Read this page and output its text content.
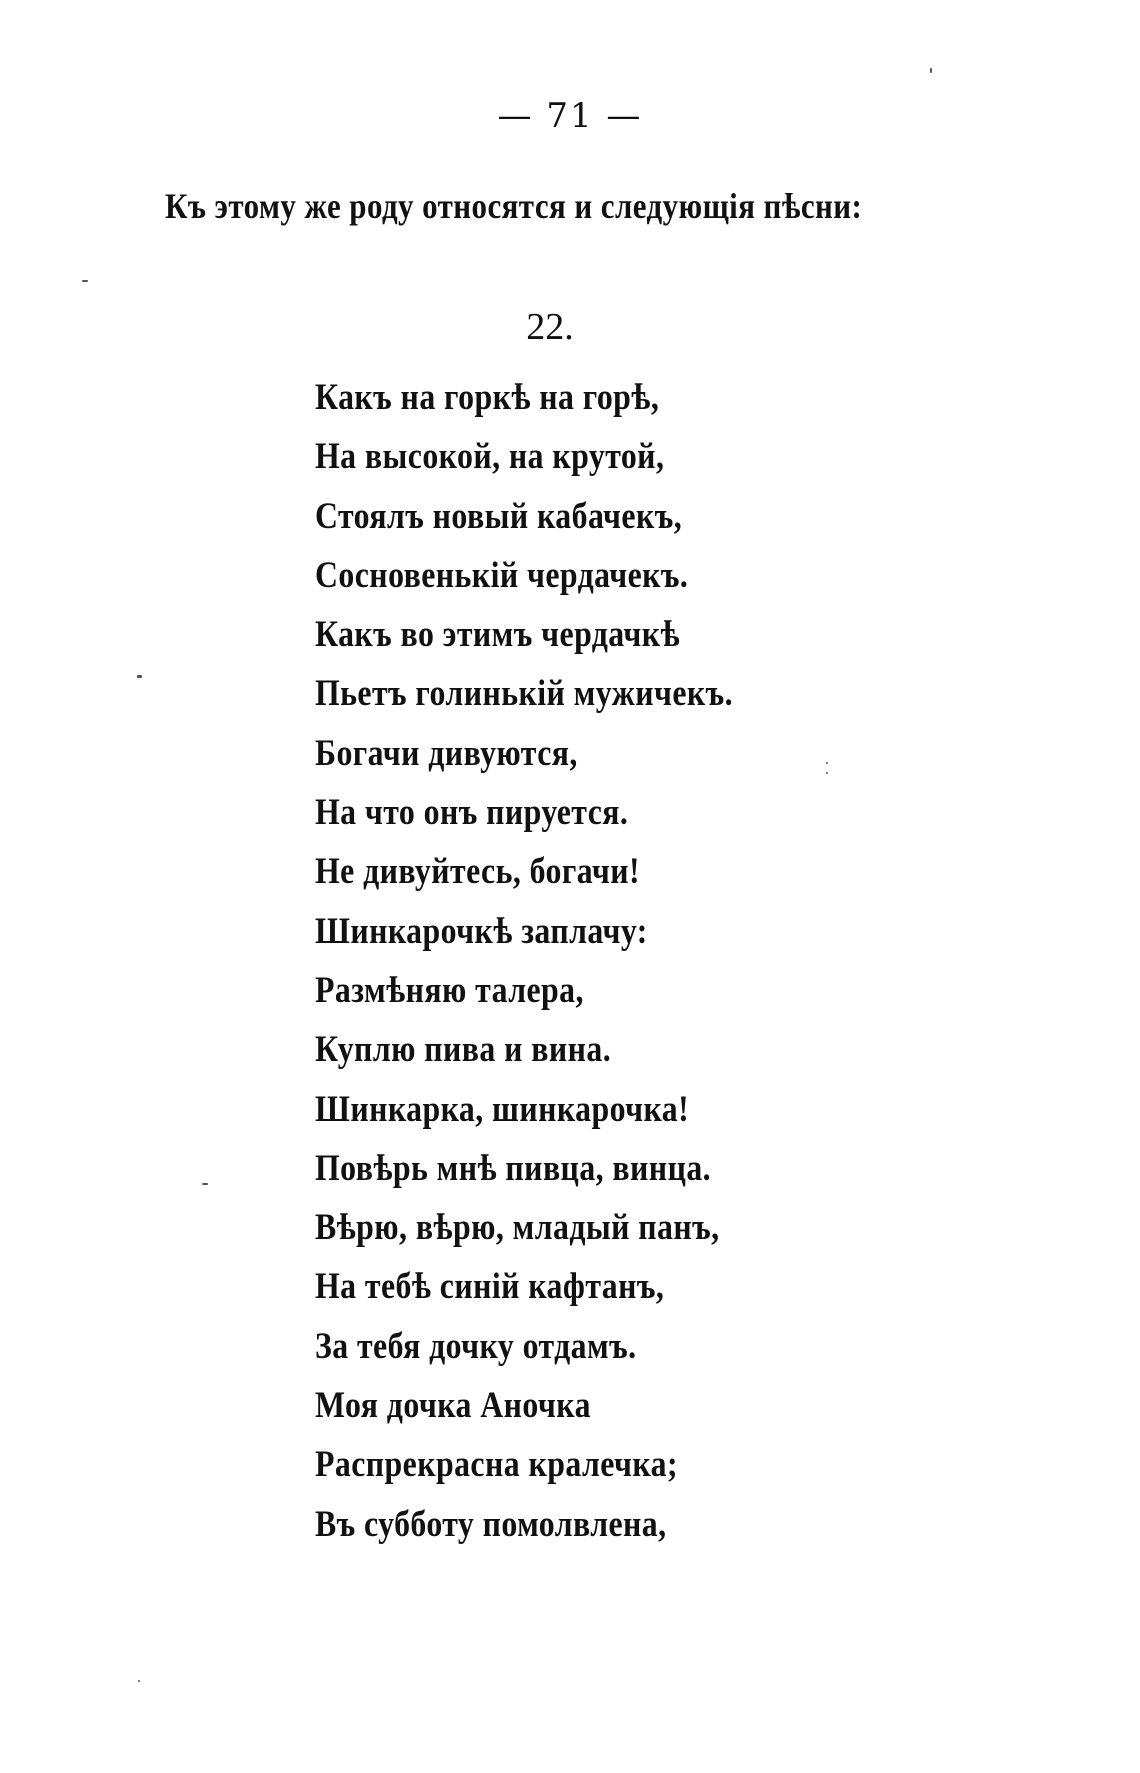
— 71 —
Къ этому же роду относятся и следующія пѣсни:
22.
Какъ на горкѣ на горѣ,
На высокой, на крутой,
Стоялъ новый кабачекъ,
Сосновенькій чердачекъ.
Какъ во этимъ чердачкѣ
Пьетъ голинькій мужичекъ.
Богачи дивуются,
На что онъ пируется.
Не дивуйтесь, богачи!
Шинкарочкѣ заплачу:
Размѣняю талера,
Куплю пива и вина.
Шинкарка, шинкарочка!
Повѣрь мнѣ пивца, винца.
Вѣрю, вѣрю, младый панъ,
На тебѣ синій кафтанъ,
За тебя дочку отдамъ.
Моя дочка Аночка
Распрекрасна кралечка;
Въ субботу помолвлена,
